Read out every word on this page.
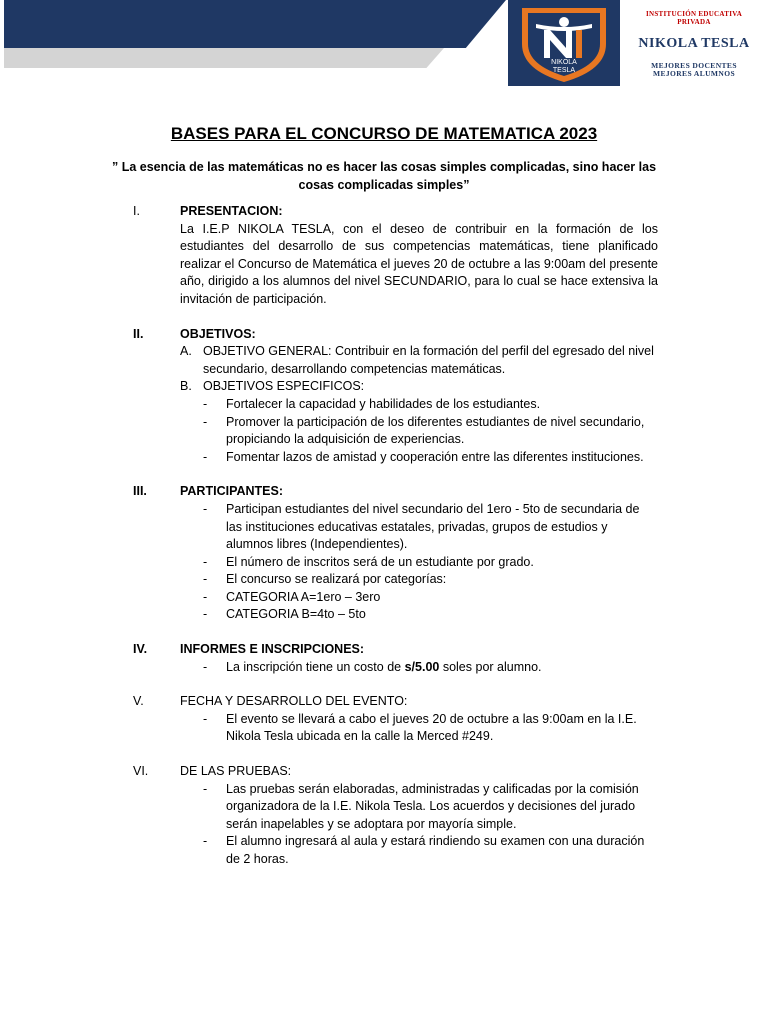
NIKOLA
TESLA
INSTITUCIÓN EDUCATIVA
PRIVADA
NIKOLA TESLA
MEJORES DOCENTES
MEJORES ALUMNOS
BASES PARA EL CONCURSO DE MATEMATICA 2023

” La esencia de las matemáticas no es hacer las cosas simples complicadas, sino hacer las cosas complicadas simples”

I.	PRESENTACION:

La I.E.P NIKOLA TESLA, con el deseo de contribuir en la formación de los estudiantes del desarrollo de sus competencias matemáticas, tiene planificado realizar el Concurso de Matemática el jueves 20 de octubre a las 9:00am del presente año, dirigido a los alumnos del nivel SECUNDARIO, para lo cual se hace extensiva la invitación de participación.

II.	OBJETIVOS:
A. OBJETIVO GENERAL: Contribuir en la formación del perfil del egresado del nivel secundario, desarrollando competencias matemáticas.
B. OBJETIVOS ESPECIFICOS:
- Fortalecer la capacidad y habilidades de los estudiantes.
- Promover la participación de los diferentes estudiantes de nivel secundario, propiciando la adquisición de experiencias.
- Fomentar lazos de amistad y cooperación entre las diferentes instituciones.
III.	PARTICIPANTES:
- Participan estudiantes del nivel secundario del 1ero - 5to de secundaria de las instituciones educativas estatales, privadas, grupos de estudios y alumnos libres (Independientes).
- El número de inscritos será de un estudiante por grado.
- El concurso se realizará por categorías:
- CATEGORIA A=1ero – 3ero
- CATEGORIA B=4to – 5to
IV.	INFORMES E INSCRIPCIONES:
- La inscripción tiene un costo de s/5.00 soles por alumno.
V.	FECHA Y DESARROLLO DEL EVENTO:
- El evento se llevará a cabo el jueves 20 de octubre a las 9:00am en la I.E. Nikola Tesla ubicada en la calle la Merced #249.
VI.	DE LAS PRUEBAS:
- Las pruebas serán elaboradas, administradas y calificadas por la comisión organizadora de la I.E. Nikola Tesla. Los acuerdos y decisiones del jurado serán inapelables y se adoptara por mayoría simple.
- El alumno ingresará al aula y estará rindiendo su examen con una duración de 2 horas.
